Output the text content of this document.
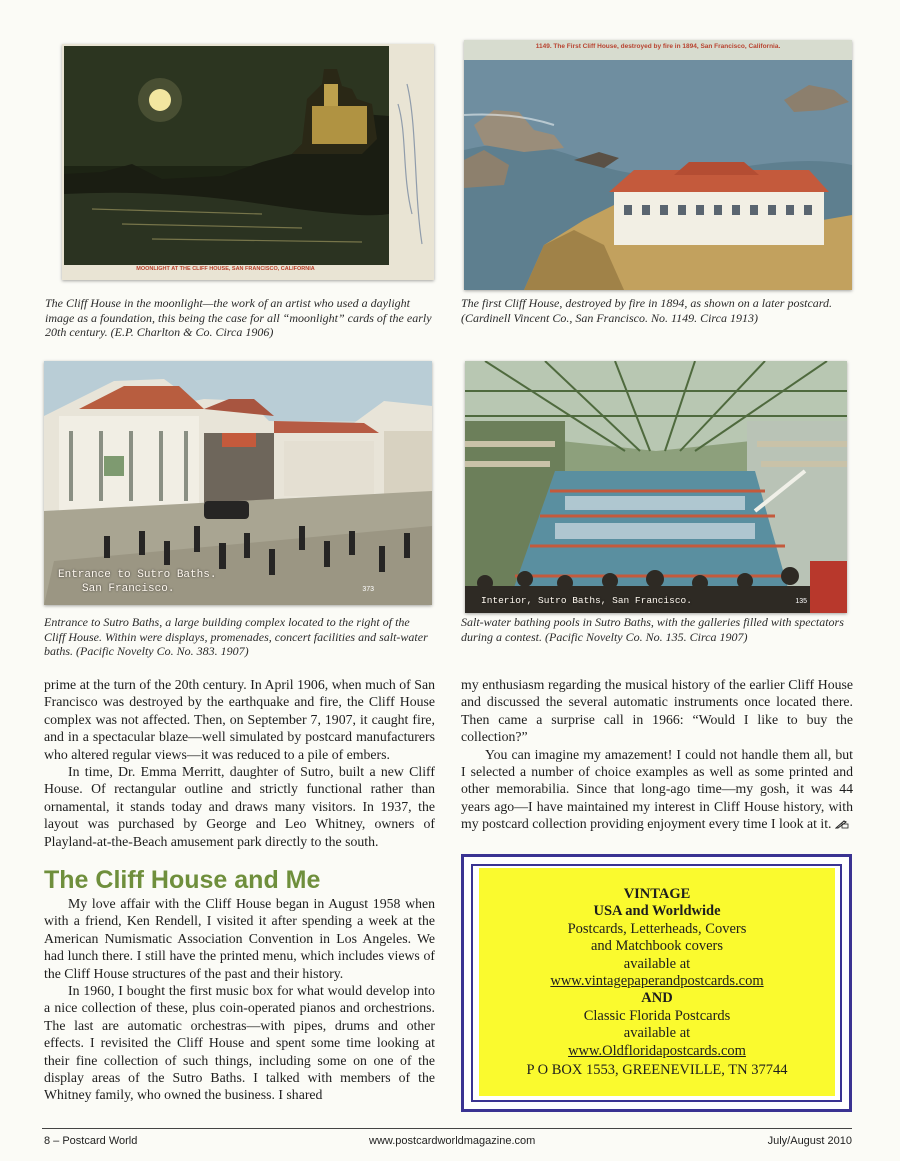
MOONLIGHT AT THE CLIFF HOUSE, SAN FRANCISCO, CALIFORNIA
1149. The First Cliff House, destroyed by fire in 1894, San Francisco, California.
The Cliff House in the moonlight—the work of an artist who used a daylight image as a foundation, this being the case for all “moonlight” cards of the early 20th century. (E.P. Charlton & Co. Circa 1906)
The first Cliff House, destroyed by fire in 1894, as shown on a later postcard. (Cardinell Vincent Co., San Francisco. No. 1149. Circa 1913)
Entrance to Sutro Baths.
San Francisco.	373
Interior, Sutro Baths, San Francisco.	135
Entrance to Sutro Baths, a large building complex located to the right of the Cliff House. Within were displays, promenades, concert facilities and salt-water baths. (Pacific Novelty Co. No. 383. 1907)
Salt-water bathing pools in Sutro Baths, with the galleries filled with spectators during a contest. (Pacific Novelty Co. No. 135. Circa 1907)

prime at the turn of the 20th century. In April 1906, when much of San Francisco was destroyed by the earthquake and fire, the Cliff House complex was not affected. Then, on September 7, 1907, it caught fire, and in a spectacular blaze—well simulated by postcard manufacturers who altered regular views—it was reduced to a pile of embers.

In time, Dr. Emma Merritt, daughter of Sutro, built a new Cliff House. Of rectangular outline and strictly functional rather than ornamental, it stands today and draws many visitors. In 1937, the layout was purchased by George and Leo Whitney, owners of Playland-at-the-Beach amusement park directly to the south.

The Cliff House and Me

My love affair with the Cliff House began in August 1958 when with a friend, Ken Rendell, I visited it after spending a week at the American Numismatic Association Convention in Los Angeles. We had lunch there. I still have the printed menu, which includes views of the Cliff House structures of the past and their history.

In 1960, I bought the first music box for what would develop into a nice collection of these, plus coin-operated pianos and orchestrions. The last are automatic orchestras—with pipes, drums and other effects. I revisited the Cliff House and spent some time looking at their fine collection of such things, including some on one of the display areas of the Sutro Baths. I talked with members of the Whitney family, who owned the business. I shared

my enthusiasm regarding the musical history of the earlier Cliff House and discussed the several automatic instruments once located there. Then came a surprise call in 1966: “Would I like to buy the collection?”

You can imagine my amazement! I could not handle them all, but I selected a number of choice examples as well as some printed and other memorabilia. Since that long-ago time—my gosh, it was 44 years ago—I have maintained my interest in Cliff House history, with my postcard collection providing enjoyment every time I look at it.

VINTAGE
USA and Worldwide
Postcards, Letterheads, Covers
and Matchbook covers
available at
www.vintagepaperandpostcards.com
AND
Classic Florida Postcards
available at
www.Oldfloridapostcards.com
P O BOX 1553, GREENEVILLE, TN 37744
8 – Postcard World	www.postcardworldmagazine.com	July/August 2010
